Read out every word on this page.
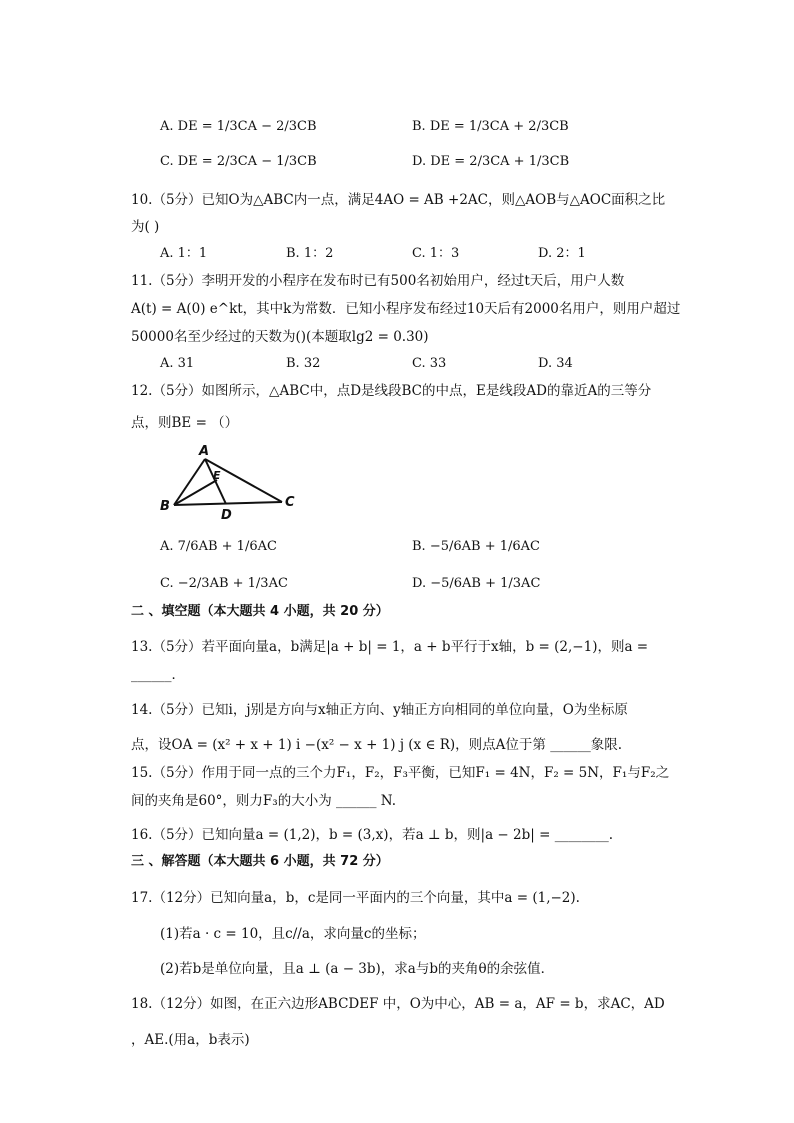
A. DE = 1/3CA − 2/3CB	B. DE = 1/3CA + 2/3CB
C. DE = 2/3CA − 1/3CB	D. DE = 2/3CA + 1/3CB
10.（5分）已知O为△ABC内一点，满足4AO = AB +2AC，则△AOB与△AOC面积之比
为( )
A. 1：1	B. 1：2	C. 1：3	D. 2：1
11.（5分）李明开发的小程序在发布时已有500名初始用户，经过t天后，用户人数
A(t) = A(0) e^kt，其中k为常数．已知小程序发布经过10天后有2000名用户，则用户超过
50000名至少经过的天数为()(本题取lg2 = 0.30)
A. 31	B. 32	C. 33	D. 34
12.（5分）如图所示，△ABC中，点D是线段BC的中点，E是线段AD的靠近A的三等分
点，则BE = （）
A
B	C
D
E
A. 7/6AB + 1/6AC	B. −5/6AB + 1/6AC
C. −2/3AB + 1/3AC	D. −5/6AB + 1/3AC
二 、填空题（本大题共 4 小题，共 20 分）
13.（5分）若平面向量a，b满足|a + b| = 1，a + b平行于x轴，b = (2,−1)，则a =
______．
14.（5分）已知i，j别是方向与x轴正方向、y轴正方向相同的单位向量，O为坐标原
点，设OA = (x² + x + 1) i −(x² − x + 1) j (x ∈ R)，则点A位于第 ______象限.
15.（5分）作用于同一点的三个力F₁，F₂，F₃平衡，已知F₁ = 4N，F₂ = 5N，F₁与F₂之
间的夹角是60°，则力F₃的大小为 ______ N.
16.（5分）已知向量a = (1,2)，b = (3,x)，若a ⊥ b，则|a − 2b| = ________.
三 、解答题（本大题共 6 小题，共 72 分）
17.（12分）已知向量a，b，c是同一平面内的三个向量，其中a = (1,−2).
(1)若a · c = 10，且c//a，求向量c的坐标；
(2)若b是单位向量，且a ⊥ (a − 3b)，求a与b的夹角θ的余弦值．
18.（12分）如图，在正六边形ABCDEF 中，O为中心，AB = a，AF = b，求AC，AD
，AE.(用a，b表示)
